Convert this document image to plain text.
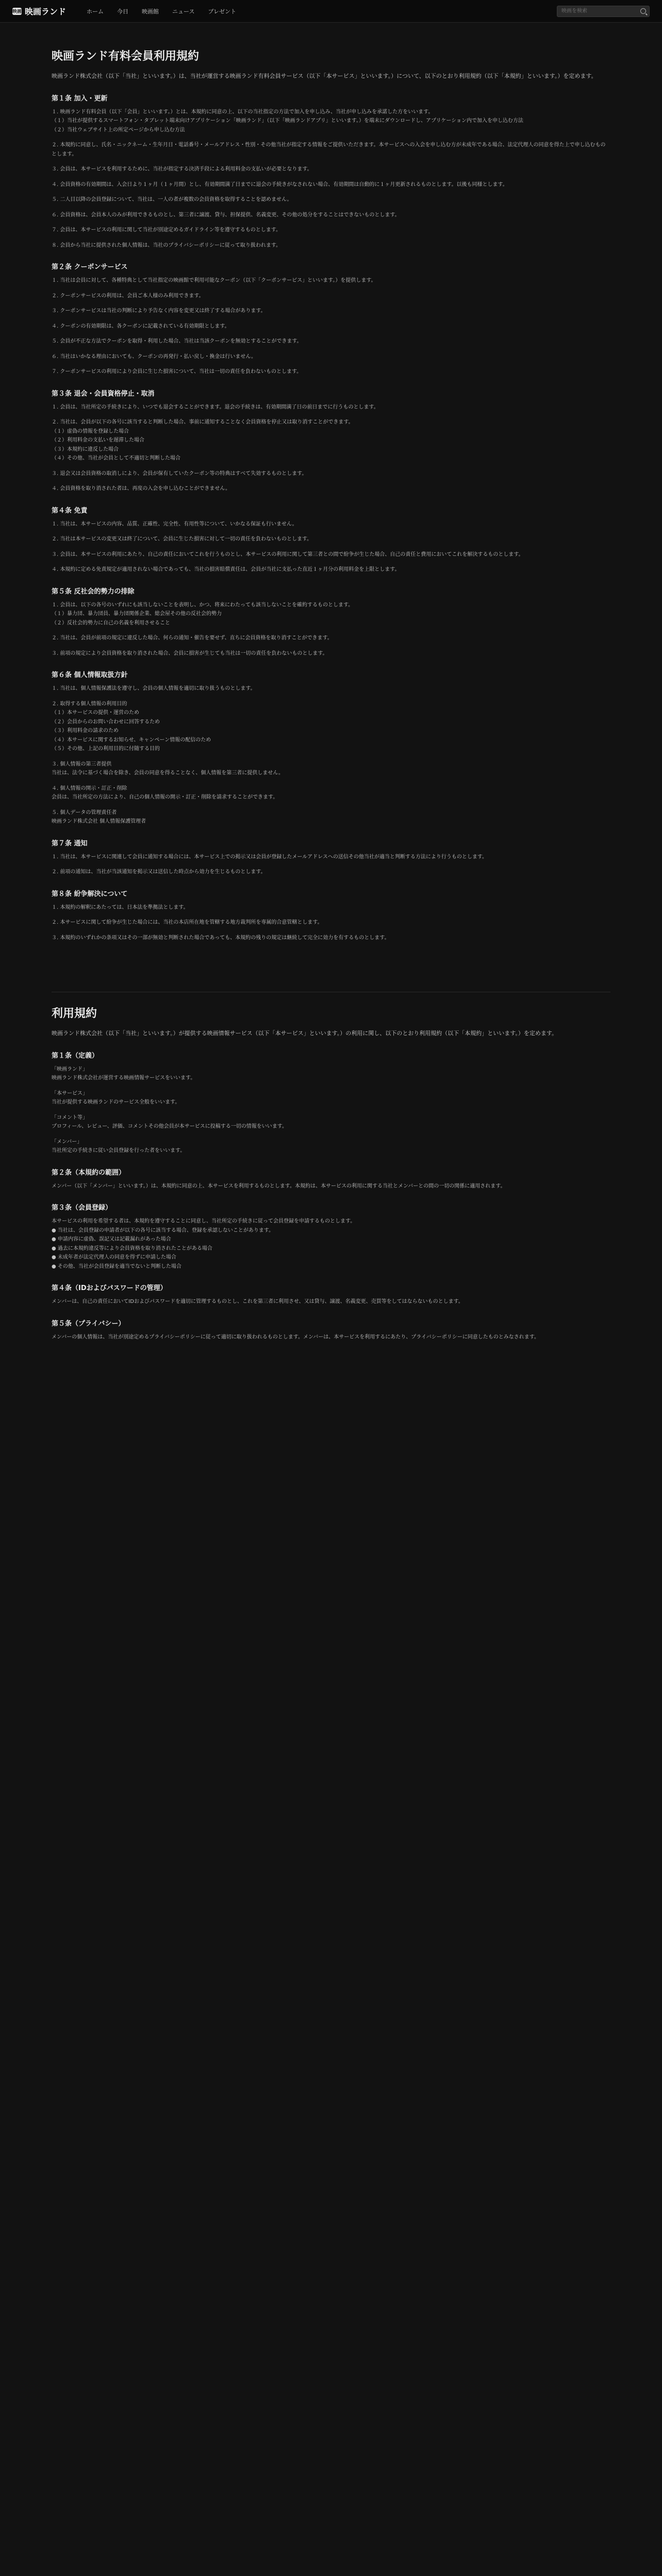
映画 映画ランド	ホーム 今日 映画館 ニュース プレゼント
映画を検索
映画ランド有料会員利用規約

映画ランド株式会社（以下「当社」といいます。）は、当社が運営する映画ランド有料会員サービス（以下「本サービス」といいます。）について、以下のとおり利用規約（以下「本規約」といいます。）を定めます。

第１条 加入・更新

１. 映画ランド有料会員（以下「会員」といいます。）とは、本規約に同意の上、以下の当社指定の方法で加入を申し込み、当社が申し込みを承諾した方をいいます。
（１）当社が提供するスマートフォン・タブレット端末向けアプリケーション「映画ランド」（以下「映画ランドアプリ」といいます。）を端末にダウンロードし、アプリケーション内で加入を申し込む方法
（２）当社ウェブサイト上の所定ページから申し込む方法

２. 本規約に同意し、氏名・ニックネーム・生年月日・電話番号・メールアドレス・性別・その他当社が指定する情報をご提供いただきます。本サービスへの入会を申し込む方が未成年である場合、法定代理人の同意を得た上で申し込むものとします。

３. 会員は、本サービスを利用するために、当社が指定する決済手段による利用料金の支払いが必要となります。

４. 会員資格の有効期間は、入会日より１ヶ月（１ヶ月間）とし、有効期間満了日までに退会の手続きがなされない場合、有効期間は自動的に１ヶ月更新されるものとします。以後も同様とします。

５. 二人目以降の会員登録について、当社は、一人の者が複数の会員資格を取得することを認めません。

６. 会員資格は、会員本人のみが利用できるものとし、第三者に譲渡、貸与、担保提供、名義変更、その他の処分をすることはできないものとします。

７. 会員は、本サービスの利用に関して当社が別途定めるガイドライン等を遵守するものとします。

８. 会員から当社に提供された個人情報は、当社のプライバシーポリシーに従って取り扱われます。

第２条 クーポンサービス

１. 当社は会員に対して、各種特典として当社指定の映画館で利用可能なクーポン（以下「クーポンサービス」といいます。）を提供します。

２. クーポンサービスの利用は、会員ご本人様のみ利用できます。

３. クーポンサービスは当社の判断により予告なく内容を変更又は終了する場合があります。

４. クーポンの有効期限は、各クーポンに記載されている有効期限とします。

５. 会員が不正な方法でクーポンを取得・利用した場合、当社は当該クーポンを無効とすることができます。

６. 当社はいかなる理由においても、クーポンの再発行・払い戻し・換金は行いません。

７. クーポンサービスの利用により会員に生じた損害について、当社は一切の責任を負わないものとします。

第３条 退会・会員資格停止・取消

１. 会員は、当社所定の手続きにより、いつでも退会することができます。退会の手続きは、有効期間満了日の前日までに行うものとします。

２. 当社は、会員が以下の各号に該当すると判断した場合、事前に通知することなく会員資格を停止又は取り消すことができます。
（１）虚偽の情報を登録した場合
（２）利用料金の支払いを遅滞した場合
（３）本規約に違反した場合
（４）その他、当社が会員として不適切と判断した場合

３. 退会又は会員資格の取消しにより、会員が保有していたクーポン等の特典はすべて失効するものとします。

４. 会員資格を取り消された者は、再度の入会を申し込むことができません。

第４条 免責

１. 当社は、本サービスの内容、品質、正確性、完全性、有用性等について、いかなる保証も行いません。

２. 当社は本サービスの変更又は終了について、会員に生じた損害に対して一切の責任を負わないものとします。

３. 会員は、本サービスの利用にあたり、自己の責任においてこれを行うものとし、本サービスの利用に関して第三者との間で紛争が生じた場合、自己の責任と費用においてこれを解決するものとします。

４. 本規約に定める免責規定が適用されない場合であっても、当社の損害賠償責任は、会員が当社に支払った直近１ヶ月分の利用料金を上限とします。

第５条 反社会的勢力の排除

１. 会員は、以下の各号のいずれにも該当しないことを表明し、かつ、将来にわたっても該当しないことを確約するものとします。
（１）暴力団、暴力団員、暴力団関係企業、総会屋その他の反社会的勢力
（２）反社会的勢力に自己の名義を利用させること

２. 当社は、会員が前項の規定に違反した場合、何らの通知・催告を要せず、直ちに会員資格を取り消すことができます。

３. 前項の規定により会員資格を取り消された場合、会員に損害が生じても当社は一切の責任を負わないものとします。

第６条 個人情報取扱方針

１. 当社は、個人情報保護法を遵守し、会員の個人情報を適切に取り扱うものとします。

２. 取得する個人情報の利用目的
（１）本サービスの提供・運営のため
（２）会員からのお問い合わせに回答するため
（３）利用料金の請求のため
（４）本サービスに関するお知らせ、キャンペーン情報の配信のため
（５）その他、上記の利用目的に付随する目的

３. 個人情報の第三者提供
当社は、法令に基づく場合を除き、会員の同意を得ることなく、個人情報を第三者に提供しません。

４. 個人情報の開示・訂正・削除
会員は、当社所定の方法により、自己の個人情報の開示・訂正・削除を請求することができます。

５. 個人データの管理責任者
映画ランド株式会社 個人情報保護管理者

第７条 通知

１. 当社は、本サービスに関連して会員に通知する場合には、本サービス上での掲示又は会員が登録したメールアドレスへの送信その他当社が適当と判断する方法により行うものとします。

２. 前項の通知は、当社が当該通知を掲示又は送信した時点から効力を生じるものとします。

第８条 紛争解決について

１. 本規約の解釈にあたっては、日本法を準拠法とします。

２. 本サービスに関して紛争が生じた場合には、当社の本店所在地を管轄する地方裁判所を専属的合意管轄とします。

３. 本規約のいずれかの条項又はその一部が無効と判断された場合であっても、本規約の残りの規定は継続して完全に効力を有するものとします。

利用規約

映画ランド株式会社（以下「当社」といいます。）が提供する映画情報サービス（以下「本サービス」といいます。）の利用に関し、以下のとおり利用規約（以下「本規約」といいます。）を定めます。

第１条（定義）

「映画ランド」
映画ランド株式会社が運営する映画情報サービスをいいます。

「本サービス」
当社が提供する映画ランドのサービス全般をいいます。

「コメント等」
プロフィール、レビュー、評価、コメントその他会員が本サービスに投稿する一切の情報をいいます。

「メンバー」
当社所定の手続きに従い会員登録を行った者をいいます。

第２条（本規約の範囲）

メンバー（以下「メンバー」といいます。）は、本規約に同意の上、本サービスを利用するものとします。本規約は、本サービスの利用に関する当社とメンバーとの間の一切の関係に適用されます。

第３条（会員登録）

本サービスの利用を希望する者は、本規約を遵守することに同意し、当社所定の手続きに従って会員登録を申請するものとします。
● 当社は、会員登録の申請者が以下の各号に該当する場合、登録を承認しないことがあります。
● 申請内容に虚偽、誤記又は記載漏れがあった場合
● 過去に本規約違反等により会員資格を取り消されたことがある場合
● 未成年者が法定代理人の同意を得ずに申請した場合
● その他、当社が会員登録を適当でないと判断した場合

第４条（IDおよびパスワードの管理）

メンバーは、自己の責任においてIDおよびパスワードを適切に管理するものとし、これを第三者に利用させ、又は貸与、譲渡、名義変更、売買等をしてはならないものとします。

第５条（プライバシー）

メンバーの個人情報は、当社が別途定めるプライバシーポリシーに従って適切に取り扱われるものとします。メンバーは、本サービスを利用するにあたり、プライバシーポリシーに同意したものとみなされます。
